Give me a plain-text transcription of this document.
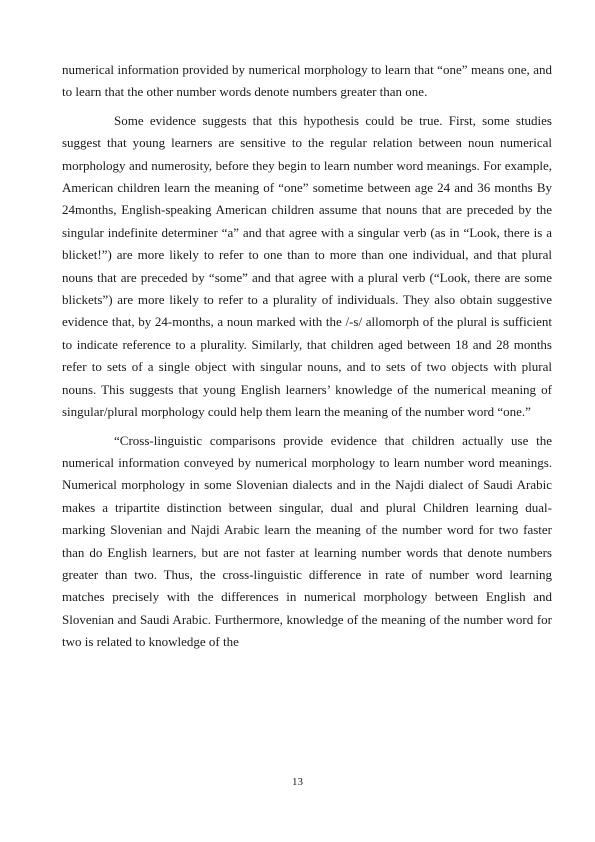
numerical information provided by numerical morphology to learn that “one” means one, and to learn that the other number words denote numbers greater than one.

Some evidence suggests that this hypothesis could be true. First, some studies suggest that young learners are sensitive to the regular relation between noun numerical morphology and numerosity, before they begin to learn number word meanings. For example, American children learn the meaning of “one” sometime between age 24 and 36 months By 24months, English-speaking American children assume that nouns that are preceded by the singular indefinite determiner “a” and that agree with a singular verb (as in “Look, there is a blicket!”) are more likely to refer to one than to more than one individual, and that plural nouns that are preceded by “some” and that agree with a plural verb (“Look, there are some blickets”) are more likely to refer to a plurality of individuals. They also obtain suggestive evidence that, by 24-months, a noun marked with the /-s/ allomorph of the plural is sufficient to indicate reference to a plurality. Similarly, that children aged between 18 and 28 months refer to sets of a single object with singular nouns, and to sets of two objects with plural nouns. This suggests that young English learners’ knowledge of the numerical meaning of singular/plural morphology could help them learn the meaning of the number word “one.”

“Cross-linguistic comparisons provide evidence that children actually use the numerical information conveyed by numerical morphology to learn number word meanings. Numerical morphology in some Slovenian dialects and in the Najdi dialect of Saudi Arabic makes a tripartite distinction between singular, dual and plural Children learning dual-marking Slovenian and Najdi Arabic learn the meaning of the number word for two faster than do English learners, but are not faster at learning number words that denote numbers greater than two. Thus, the cross-linguistic difference in rate of number word learning matches precisely with the differences in numerical morphology between English and Slovenian and Saudi Arabic. Furthermore, knowledge of the meaning of the number word for two is related to knowledge of the

13
